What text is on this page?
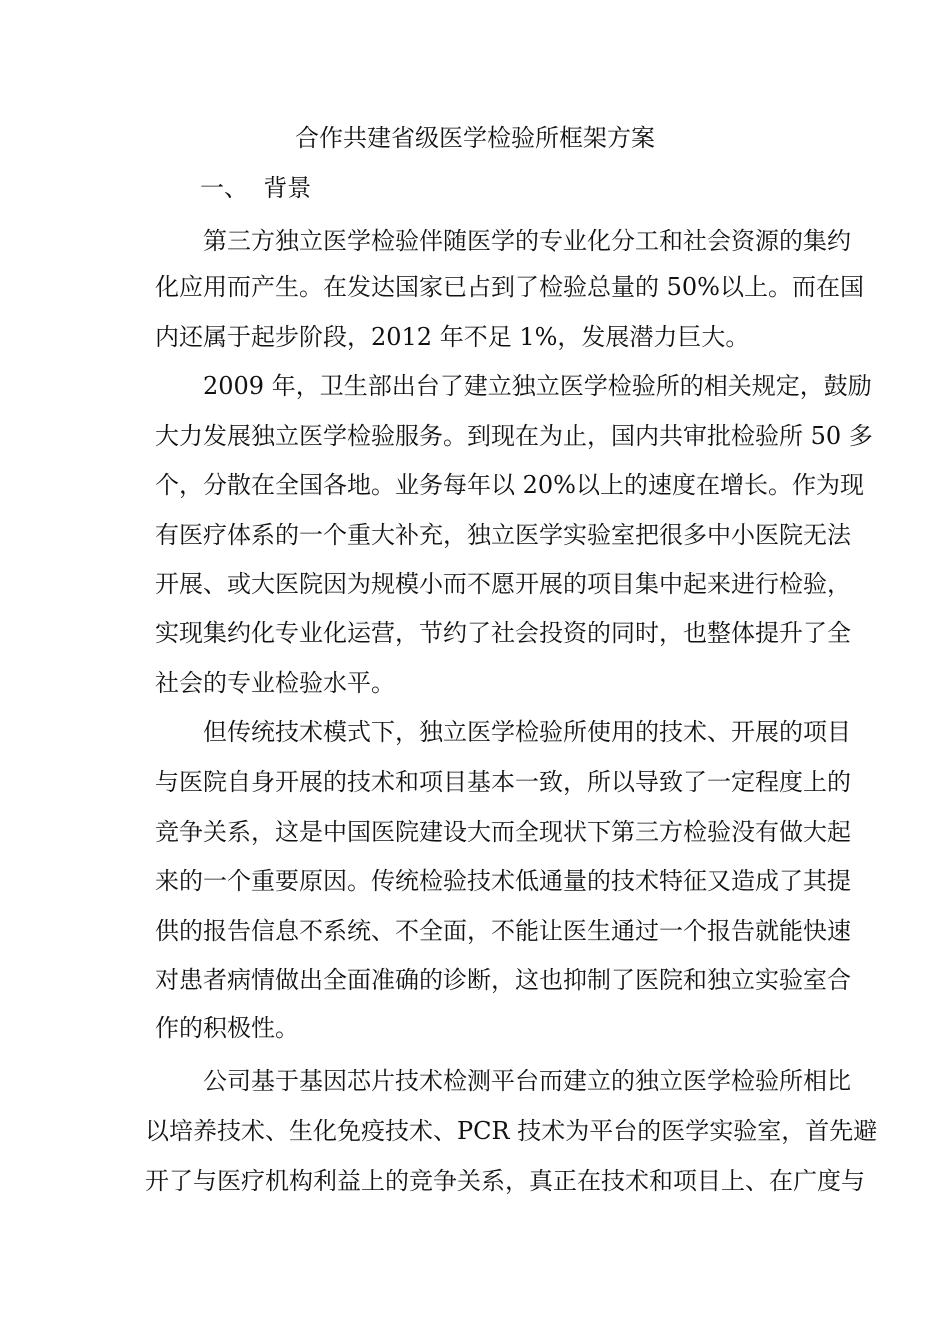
合作共建省级医学检验所框架方案
一、  背景
第三方独立医学检验伴随医学的专业化分工和社会资源的集约
化应用而产生。在发达国家已占到了检验总量的 50%以上。而在国
内还属于起步阶段，2012 年不足 1%，发展潜力巨大。
2009 年，卫生部出台了建立独立医学检验所的相关规定，鼓励
大力发展独立医学检验服务。到现在为止，国内共审批检验所 50 多
个，分散在全国各地。业务每年以 20%以上的速度在增长。作为现
有医疗体系的一个重大补充，独立医学实验室把很多中小医院无法
开展、或大医院因为规模小而不愿开展的项目集中起来进行检验，
实现集约化专业化运营，节约了社会投资的同时，也整体提升了全
社会的专业检验水平。
但传统技术模式下，独立医学检验所使用的技术、开展的项目
与医院自身开展的技术和项目基本一致，所以导致了一定程度上的
竞争关系，这是中国医院建设大而全现状下第三方检验没有做大起
来的一个重要原因。传统检验技术低通量的技术特征又造成了其提
供的报告信息不系统、不全面，不能让医生通过一个报告就能快速
对患者病情做出全面准确的诊断，这也抑制了医院和独立实验室合
作的积极性。
公司基于基因芯片技术检测平台而建立的独立医学检验所相比
以培养技术、生化免疫技术、PCR 技术为平台的医学实验室，首先避
开了与医疗机构利益上的竞争关系，真正在技术和项目上、在广度与
